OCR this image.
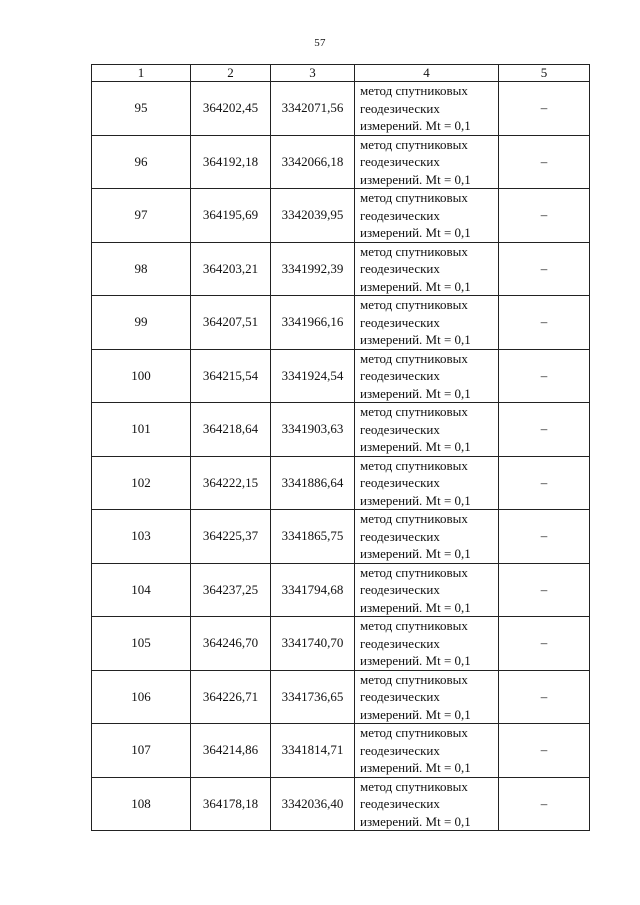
57
1	2	3	4	5
95	364202,45	3342071,56	метод спутниковых
геодезических
измерений. Mt = 0,1	–
96	364192,18	3342066,18	метод спутниковых
геодезических
измерений. Mt = 0,1	–
97	364195,69	3342039,95	метод спутниковых
геодезических
измерений. Mt = 0,1	–
98	364203,21	3341992,39	метод спутниковых
геодезических
измерений. Mt = 0,1	–
99	364207,51	3341966,16	метод спутниковых
геодезических
измерений. Mt = 0,1	–
100	364215,54	3341924,54	метод спутниковых
геодезических
измерений. Mt = 0,1	–
101	364218,64	3341903,63	метод спутниковых
геодезических
измерений. Mt = 0,1	–
102	364222,15	3341886,64	метод спутниковых
геодезических
измерений. Mt = 0,1	–
103	364225,37	3341865,75	метод спутниковых
геодезических
измерений. Mt = 0,1	–
104	364237,25	3341794,68	метод спутниковых
геодезических
измерений. Mt = 0,1	–
105	364246,70	3341740,70	метод спутниковых
геодезических
измерений. Mt = 0,1	–
106	364226,71	3341736,65	метод спутниковых
геодезических
измерений. Mt = 0,1	–
107	364214,86	3341814,71	метод спутниковых
геодезических
измерений. Mt = 0,1	–
108	364178,18	3342036,40	метод спутниковых
геодезических
измерений. Mt = 0,1	–
